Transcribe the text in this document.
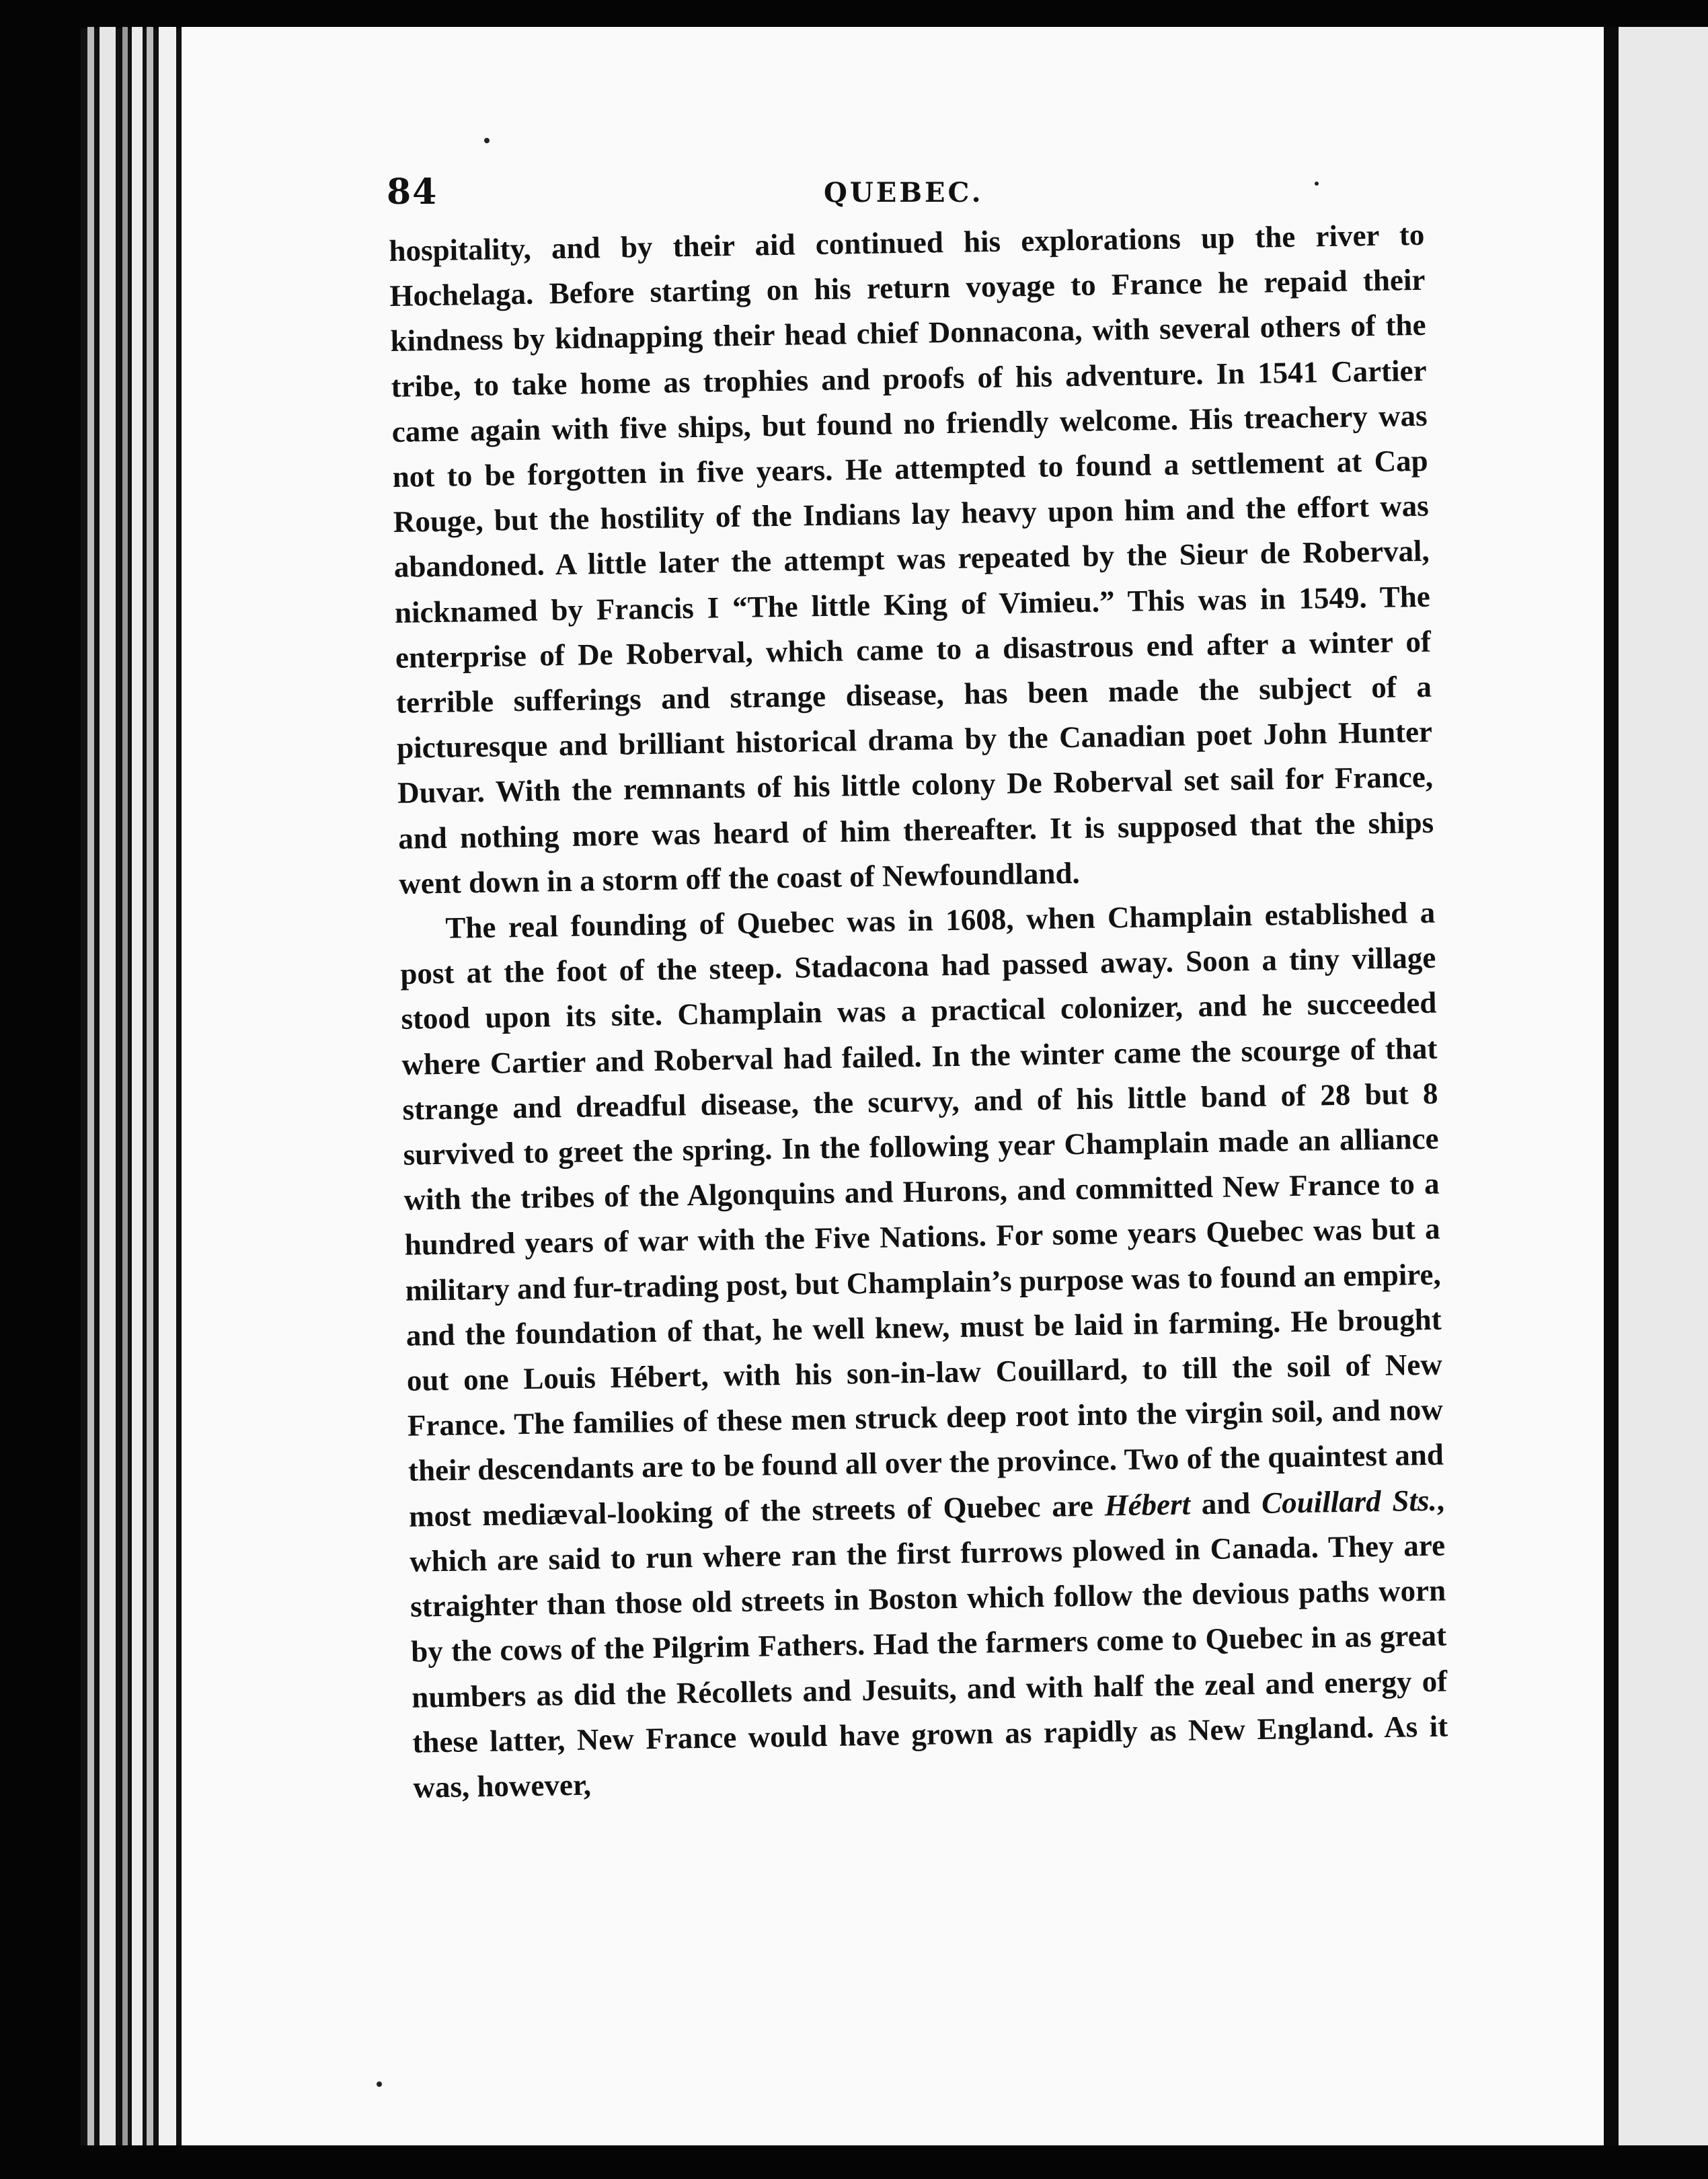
84	QUEBEC.

hospitality, and by their aid continued his explorations up the river to Hochelaga. Before starting on his return voyage to France he repaid their kindness by kidnapping their head chief Donnacona, with several others of the tribe, to take home as trophies and proofs of his adventure. In 1541 Cartier came again with five ships, but found no friendly welcome. His treachery was not to be forgotten in five years. He attempted to found a settlement at Cap Rouge, but the hostility of the Indians lay heavy upon him and the effort was abandoned. A little later the attempt was repeated by the Sieur de Roberval, nicknamed by Francis I “The little King of Vimieu.” This was in 1549. The enterprise of De Roberval, which came to a disastrous end after a winter of terrible sufferings and strange disease, has been made the subject of a picturesque and brilliant historical drama by the Canadian poet John Hunter Duvar. With the remnants of his little colony De Roberval set sail for France, and nothing more was heard of him thereafter. It is supposed that the ships went down in a storm off the coast of Newfoundland.

The real founding of Quebec was in 1608, when Champlain established a post at the foot of the steep. Stadacona had passed away. Soon a tiny village stood upon its site. Champlain was a practical colonizer, and he succeeded where Cartier and Roberval had failed. In the winter came the scourge of that strange and dreadful disease, the scurvy, and of his little band of 28 but 8 survived to greet the spring. In the following year Champlain made an alliance with the tribes of the Algonquins and Hurons, and committed New France to a hundred years of war with the Five Nations. For some years Quebec was but a military and fur-trading post, but Champlain’s purpose was to found an empire, and the foundation of that, he well knew, must be laid in farming. He brought out one Louis Hébert, with his son-in-law Couillard, to till the soil of New France. The families of these men struck deep root into the virgin soil, and now their descendants are to be found all over the province. Two of the quaintest and most mediæval-looking of the streets of Quebec are Hébert and Couillard Sts., which are said to run where ran the first furrows plowed in Canada. They are straighter than those old streets in Boston which follow the devious paths worn by the cows of the Pilgrim Fathers. Had the farmers come to Quebec in as great numbers as did the Récollets and Jesuits, and with half the zeal and energy of these latter, New France would have grown as rapidly as New England. As it was, however,
